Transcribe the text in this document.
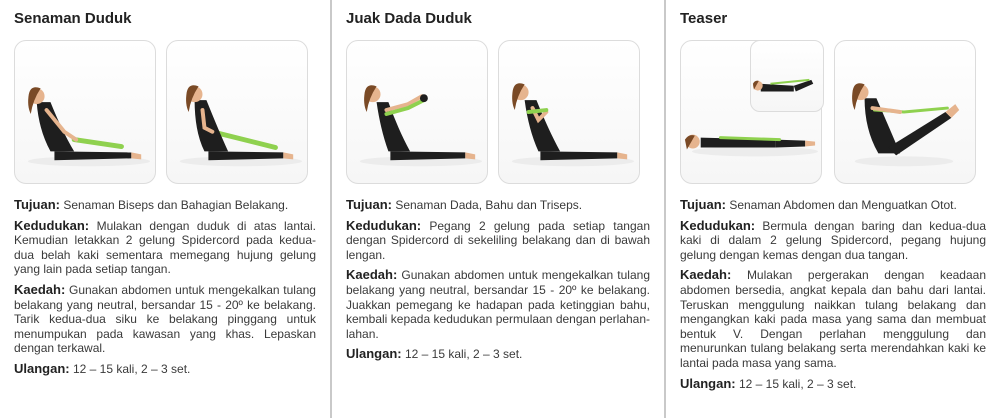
Senaman Duduk

Tujuan: Senaman Biseps dan Bahagian Belakang.

Kedudukan: Mulakan dengan duduk di atas lantai. Kemudian letakkan 2 gelung Spidercord pada kedua-dua belah kaki sementara memegang hujung gelung yang lain pada setiap tangan.

Kaedah: Gunakan abdomen untuk mengekalkan tulang belakang yang neutral, bersandar 15 - 20º ke belakang. Tarik kedua-dua siku ke belakang pinggang untuk menumpukan pada kawasan yang khas. Lepaskan dengan terkawal.

Ulangan: 12 – 15 kali, 2 – 3 set.

Juak Dada Duduk

Tujuan: Senaman Dada, Bahu dan Triseps.

Kedudukan: Pegang 2 gelung pada setiap tangan dengan Spidercord di sekeliling belakang dan di bawah lengan.

Kaedah: Gunakan abdomen untuk mengekalkan tulang belakang yang neutral, bersandar 15 - 20º ke belakang. Juakkan pemegang ke hadapan pada ketinggian bahu, kembali kepada kedudukan permulaan dengan perlahan-lahan.

Ulangan: 12 – 15 kali, 2 – 3 set.

Teaser

Tujuan: Senaman Abdomen dan Menguatkan Otot.

Kedudukan: Bermula dengan baring dan kedua-dua kaki di dalam 2 gelung Spidercord, pegang hujung gelung dengan kemas dengan dua tangan.

Kaedah: Mulakan pergerakan dengan keadaan abdomen bersedia, angkat kepala dan bahu dari lantai. Teruskan menggulung naikkan tulang belakang dan mengangkan kaki pada masa yang sama dan membuat bentuk V. Dengan perlahan menggulung dan menurunkan tulang belakang serta merendahkan kaki ke lantai pada masa yang sama.

Ulangan: 12 – 15 kali, 2 – 3 set.
